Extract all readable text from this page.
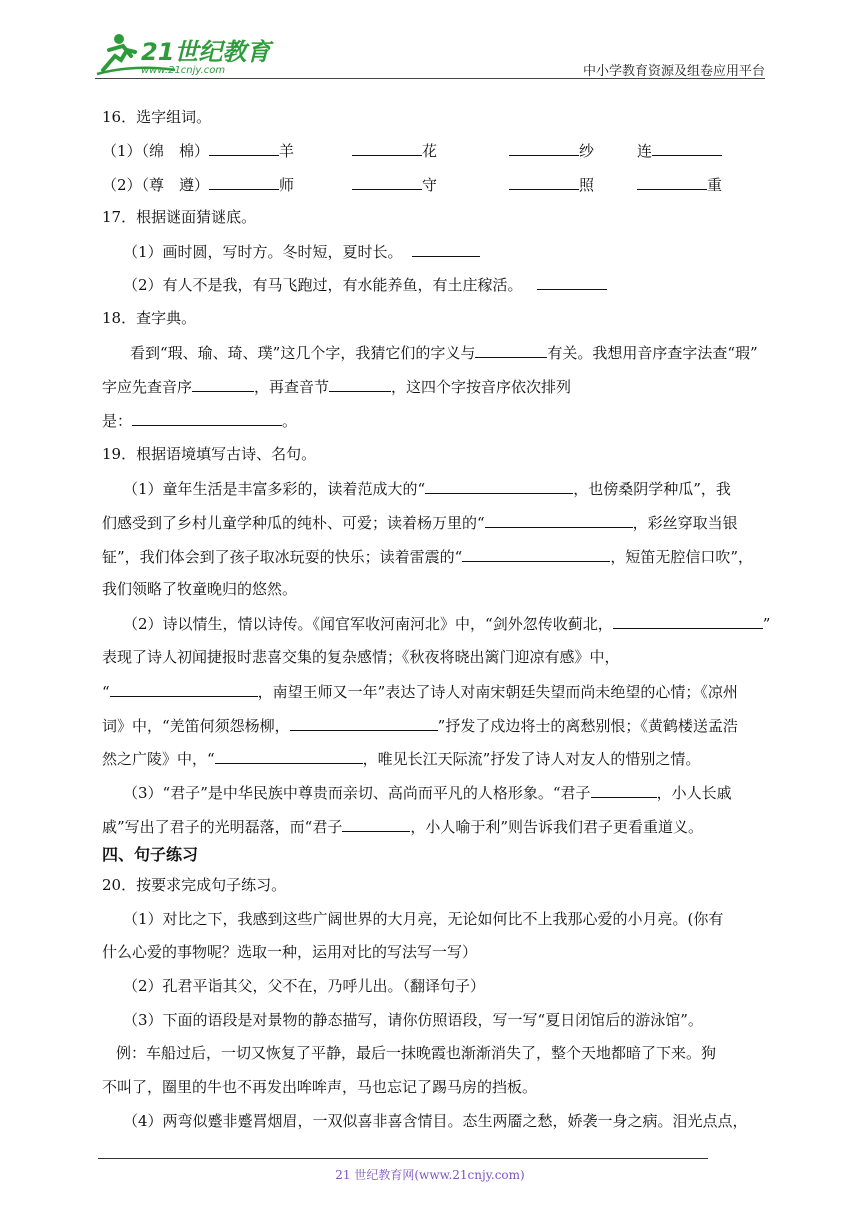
21世纪教育
www.21cnjy.com	中小学教育资源及组卷应用平台
16．选字组词。
（1）（绵　棉）	羊	花	纱	连
（2）（尊　遵）	师	守	照	重
17．根据谜面猜谜底。
（1）画时圆，写时方。冬时短，夏时长。
（2）有人不是我，有马飞跑过，有水能养鱼，有土庄稼活。
18．查字典。
看到“瑕、瑜、琦、璞”这几个字，我猜它们的字义与	有关。我想用音序查字法查“瑕”
字应先查音序	，再查音节	，这四个字按音序依次排列
是：	。
19．根据语境填写古诗、名句。
（1）童年生活是丰富多彩的，读着范成大的“	，也傍桑阴学种瓜”，我
们感受到了乡村儿童学种瓜的纯朴、可爱；读着杨万里的“	，彩丝穿取当银
钲”，我们体会到了孩子取冰玩耍的快乐；读着雷震的“	，短笛无腔信口吹”，
我们领略了牧童晚归的悠然。
（2）诗以情生，情以诗传。《闻官军收河南河北》中，“剑外忽传收蓟北，	”
表现了诗人初闻捷报时悲喜交集的复杂感情；《秋夜将晓出篱门迎凉有感》中，
“	，南望王师又一年”表达了诗人对南宋朝廷失望而尚未绝望的心情；《凉州
词》中，“羌笛何须怨杨柳，	”抒发了戍边将士的离愁别恨；《黄鹤楼送孟浩
然之广陵》中，“	，唯见长江天际流”抒发了诗人对友人的惜别之情。
（3）“君子”是中华民族中尊贵而亲切、高尚而平凡的人格形象。“君子	，小人长戚
戚”写出了君子的光明磊落，而“君子	，小人喻于利”则告诉我们君子更看重道义。
四、句子练习
20．按要求完成句子练习。
（1）对比之下，我感到这些广阔世界的大月亮，无论如何比不上我那心爱的小月亮。(你有
什么心爱的事物呢？选取一种，运用对比的写法写一写）
（2）孔君平诣其父，父不在，乃呼儿出。（翻译句子）
（3）下面的语段是对景物的静态描写，请你仿照语段，写一写“夏日闭馆后的游泳馆”。
例：车船过后，一切又恢复了平静，最后一抹晚霞也渐渐消失了，整个天地都暗了下来。狗
不叫了，圈里的牛也不再发出哞哞声，马也忘记了踢马房的挡板。
（4）两弯似蹙非蹙罥烟眉，一双似喜非喜含情目。态生两靥之愁，娇袭一身之病。泪光点点，
21 世纪教育网(www.21cnjy.com)
